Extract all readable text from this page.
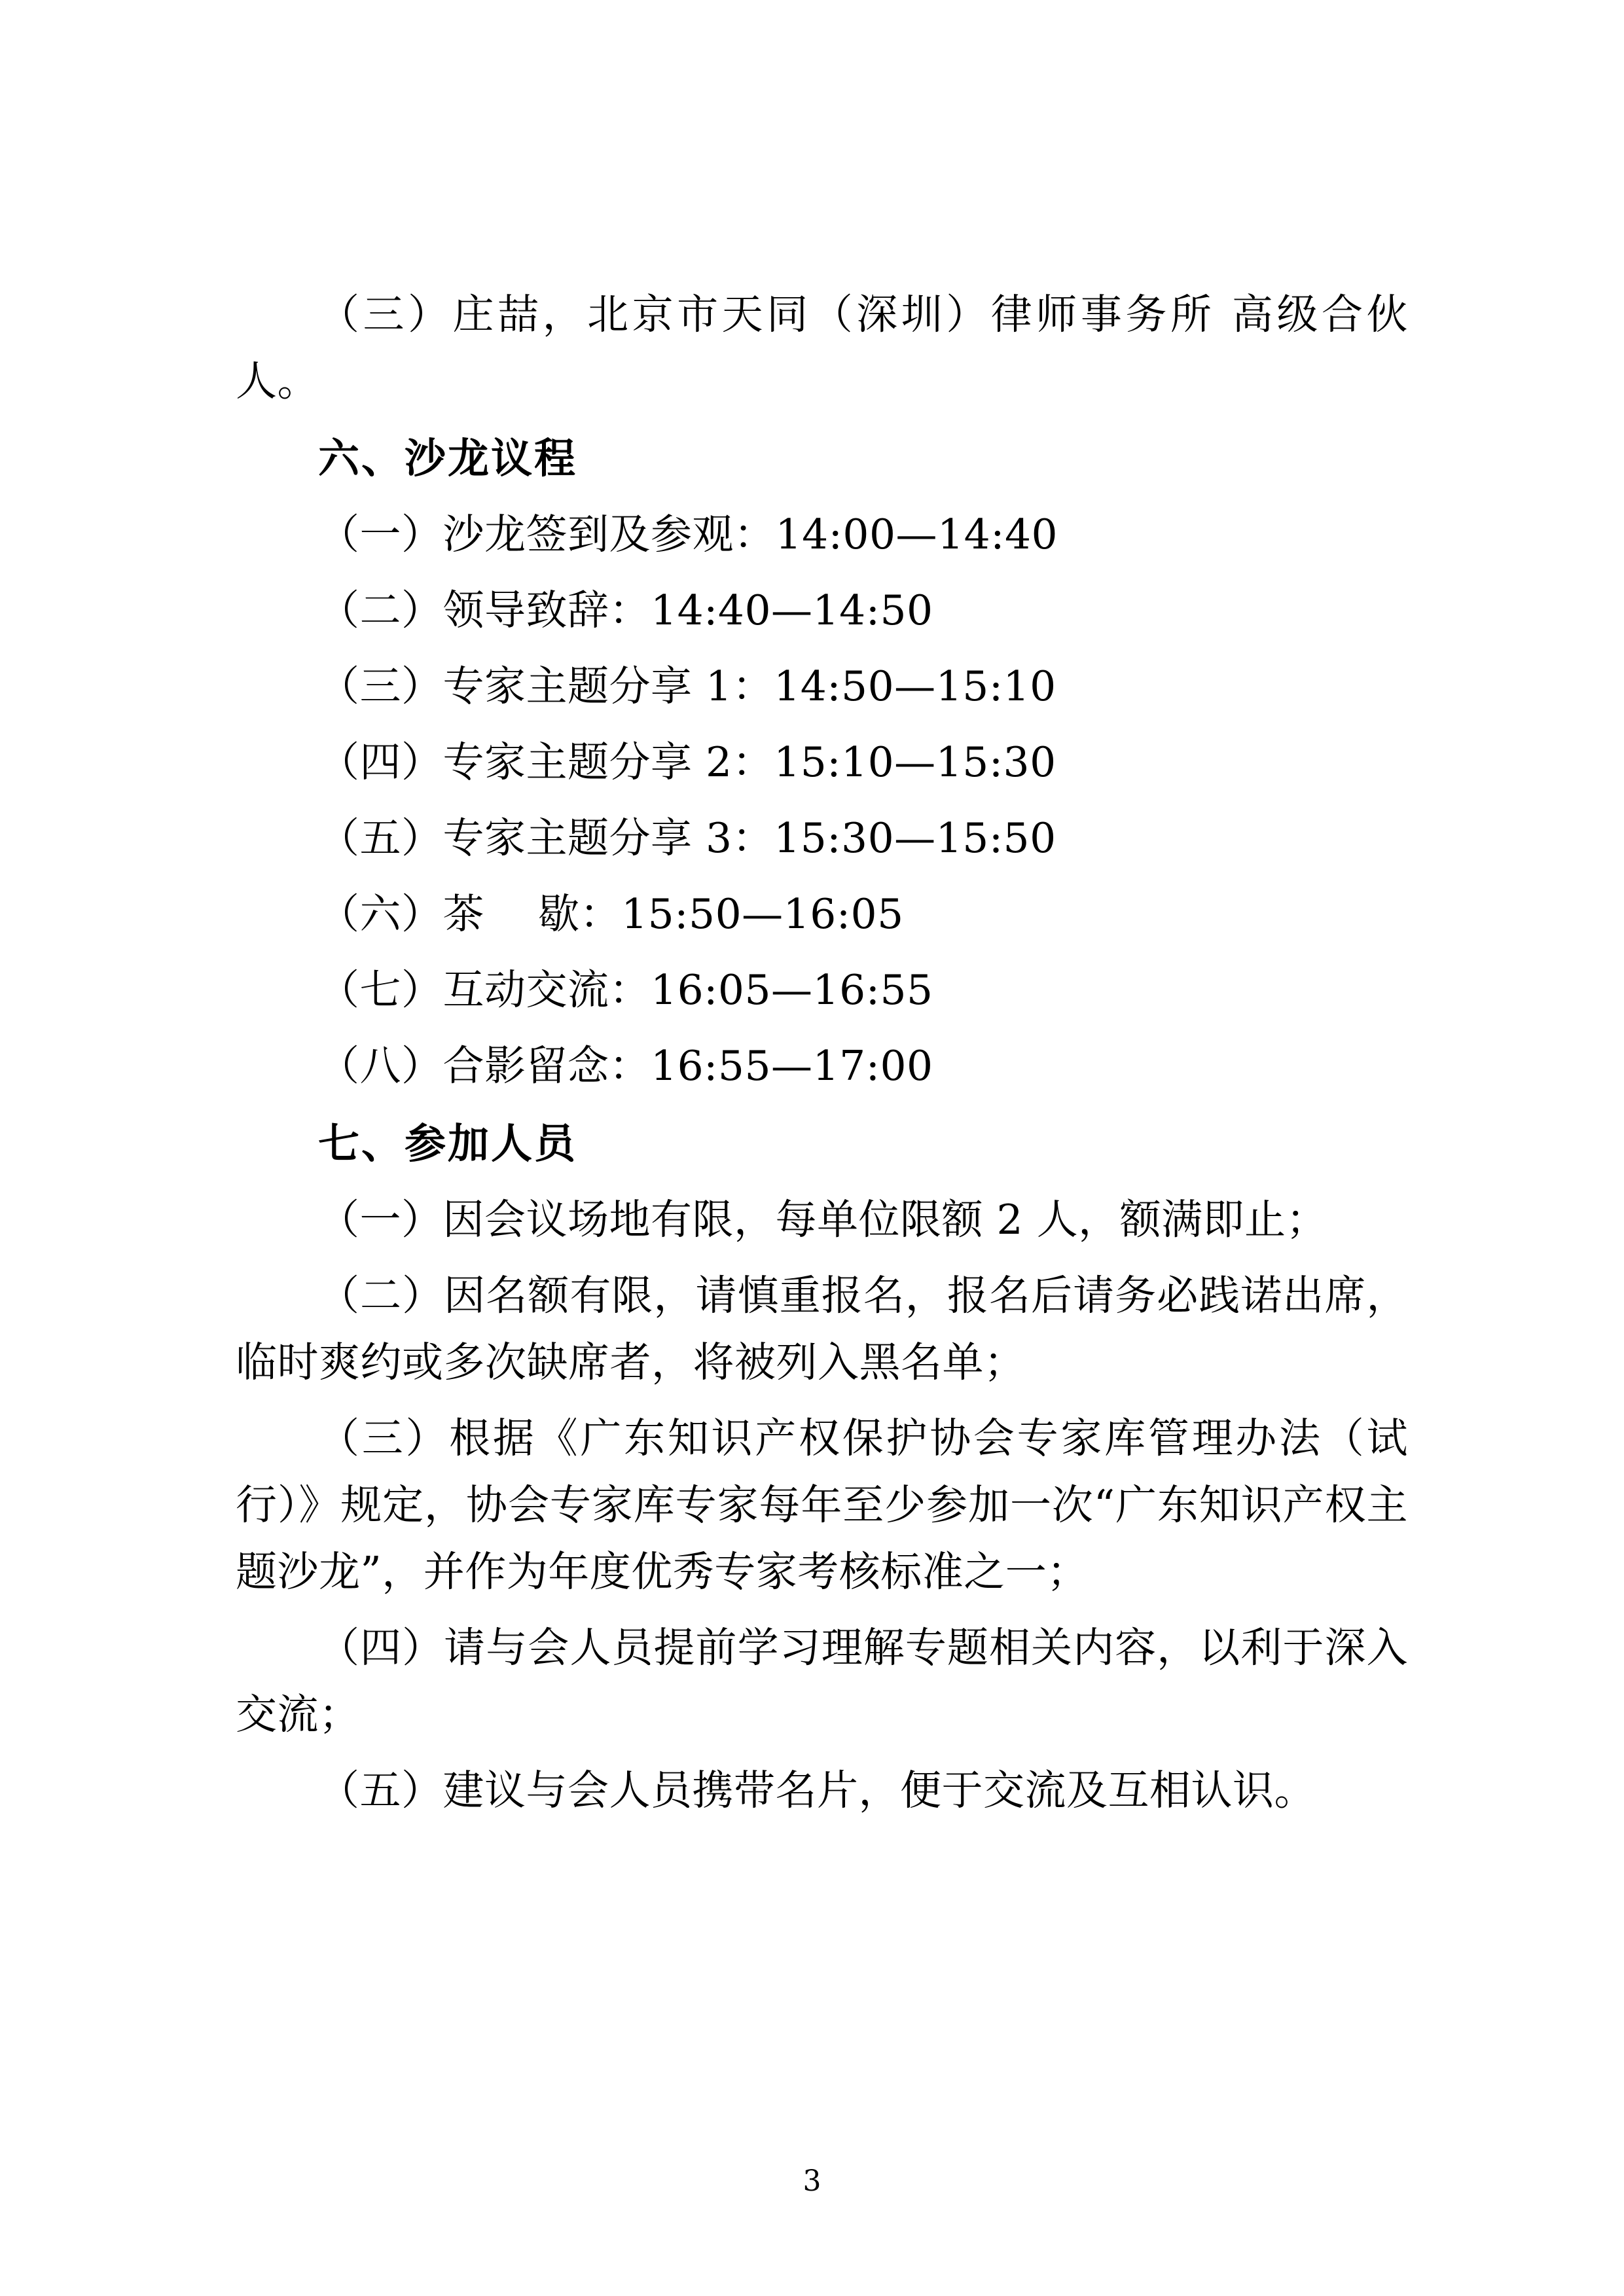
（三）庄喆，北京市天同（深圳）律师事务所 高级合伙人。

六、沙龙议程

（一）沙龙签到及参观：14:00—14:40

（二）领导致辞：14:40—14:50

（三）专家主题分享 1：14:50—15:10

（四）专家主题分享 2：15:10—15:30

（五）专家主题分享 3：15:30—15:50

（六）茶    歇：15:50—16:05

（七）互动交流：16:05—16:55

（八）合影留念：16:55—17:00

七、参加人员

（一）因会议场地有限，每单位限额 2 人，额满即止；

（二）因名额有限，请慎重报名，报名后请务必践诺出席，临时爽约或多次缺席者，将被列入黑名单；

（三）根据《广东知识产权保护协会专家库管理办法（试行）》规定，协会专家库专家每年至少参加一次“广东知识产权主题沙龙”，并作为年度优秀专家考核标准之一；

（四）请与会人员提前学习理解专题相关内容，以利于深入交流；

（五）建议与会人员携带名片，便于交流及互相认识。

3
